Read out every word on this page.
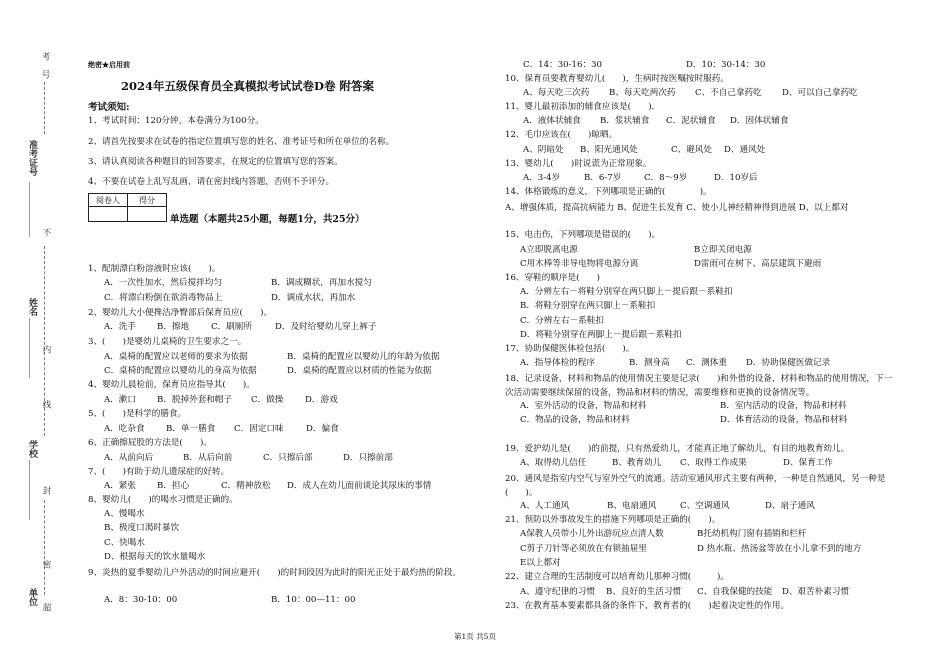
考
号
不
内
线
封
密
超
准考证号
姓名
学校
单位
绝密★启用前
2024年五级保育员全真模拟考试试卷D卷 附答案
考试须知:
1、考试时间：120分钟，本卷满分为100分。
2、请首先按要求在试卷的指定位置填写您的姓名、准考证号和所在单位的名称。
3、请认真阅读各种题目的回答要求，在规定的位置填写您的答案。
4、不要在试卷上乱写乱画，请在密封线内答题，否则不予评分。
阅卷人	得分

单选题（本题共25小题，每题1分，共25分）
1、配制漂白粉溶液时应该(　　)。
A．一次性加水，然后搅拌均匀	B．调成糊状，再加水搅匀
C．将漂白粉倒在欲消毒物品上	D．调成水状，再加水
2、婴幼儿大小便搀洁净臀部后保育员应(　　)。
A．洗手 B．擦地	C．刷厕所	D．及时给婴幼儿穿上裤子
3、(　　)是婴幼儿桌椅的卫生要求之一。
A．桌椅的配置应以老师的要求为依据	B．桌椅的配置应以婴幼儿的年龄为依据
C．桌椅的配置应以婴幼儿的身高为依据	D．桌椅的配置应以材质的性能为依据
4、婴幼儿晨检前，保育员应指导其(　　)。
A．漱口 B．脱掉外套和帽子 C．做操	D．游戏
5、(　　)是科学的膳食。
A．吃杂食 B．单一膳食 C．固定口味	D．偏食
6、正确擦屁股的方法是(　　)。
A．从前向后	B．从后向前	C．只擦后部	D．只擦前部
7、(　　)有助于幼儿遗尿症的好转。
A．紧张 B．担心	C．精神放松 D．成人在幼儿面前谈论其尿床的事情
8、婴幼儿(　　)的喝水习惯是正确的。
A、慢喝水
B、极度口渴时暴饮
C、快喝水
D、根据每天的饮水量喝水
9、炎热的夏季婴幼儿户外活动的时间应避开(　　)的时间段因为此时的阳光正处于最灼热的阶段。
A．8：30-10：00	B．10：00—11：00
C．14：30-16：30	D．10：30-14：30
10、保育员要教育婴幼儿(　　)，生病时按医嘱按时服药。
A、每天吃三次药 B、每天吃两次药 C、不自己拿药吃 D、可以自己拿药吃
11、婴儿最初添加的辅食应该是(　　)．
A．液体状辅食 B．浆状辅食 C．泥状辅食 D．固体状辅食
12、毛巾应该在(　　)晾晒。
A、阴暗处 B、阳光通风处	C、避风处 D、通风处
13、婴幼儿(　　)时说谎为正常现象。
A．3-4岁	B．6-7岁	C．8～9岁	D．10岁后
14、体格锻炼的意义，下列哪项是正确的(　　　　)。
A、增强体质，提高抗病能力 B、促进生长发育 C、使小儿神经精神得到进展 D、以上都对
15、电击伤，下列哪项是错误的(　　)。
A立即脱离电源	B立即关闭电源
C用木棒等非导电物将电源分离	D雷雨可在树下、高层建筑下避雨
16、穿鞋的顺序是(　　)
A．分辨左右－将鞋分别穿在两只脚上－提后跟－系鞋扣
B．将鞋分别穿在两只脚上－系鞋扣
C．分辨左右－系鞋扣
D．将鞋分别穿在两脚上－提后跟－系鞋扣
17、协助保健医体检包括(　　)。
A．指导体检的程序	B．测身高 C．测体重 D．协助保健医做记录
18、记录设备，材料和物品的使用情况主要是记录(　　)和外借的设备，材料和物品的使用情况，下一次活动需要继续保留的设备，物品和材料的情况，需要维修和更换的设备情况等。
A．室外活动的设备，物品和材料	B．室内活动的设备，物品和材料
C．物品的设备，物品和材料	D．体育活动的设备，物品和材料
19、爱护幼儿是(　　)的前提，只有热爱幼儿，才能真正地了解幼儿，有目的地教育幼儿。
A、取得幼儿信任	B、教育幼儿 C、取得工作成果	D、保育工作
20、通风是指室内空气与室外空气的流通。活动室通风形式主要有两种，一种是自然通风，另一种是(　　)。
A、人工通风	B、电扇通风	C、空调通风	D、扇子通风
21、预防以外事故发生的措施下列哪项是正确的(　　)。
A保教人员带小儿外出游玩应点清人数	B托幼机构门窗有插销和栏杆
C剪子刀针等必须放在有锁抽屉里	D 热水瓶、热汤盆等放在小儿拿不到的地方
E以上都对
22、建立合理的生活制度可以培育幼儿那种习惯(　　　)。
A、遵守纪律的习惯 B、良好的生活习惯 C、自我保健的技能 D、艰苦朴素习惯
23、在教育基本要素都具备的条件下，教育者的(　　)起着决定性的作用。
第1页 共5页
